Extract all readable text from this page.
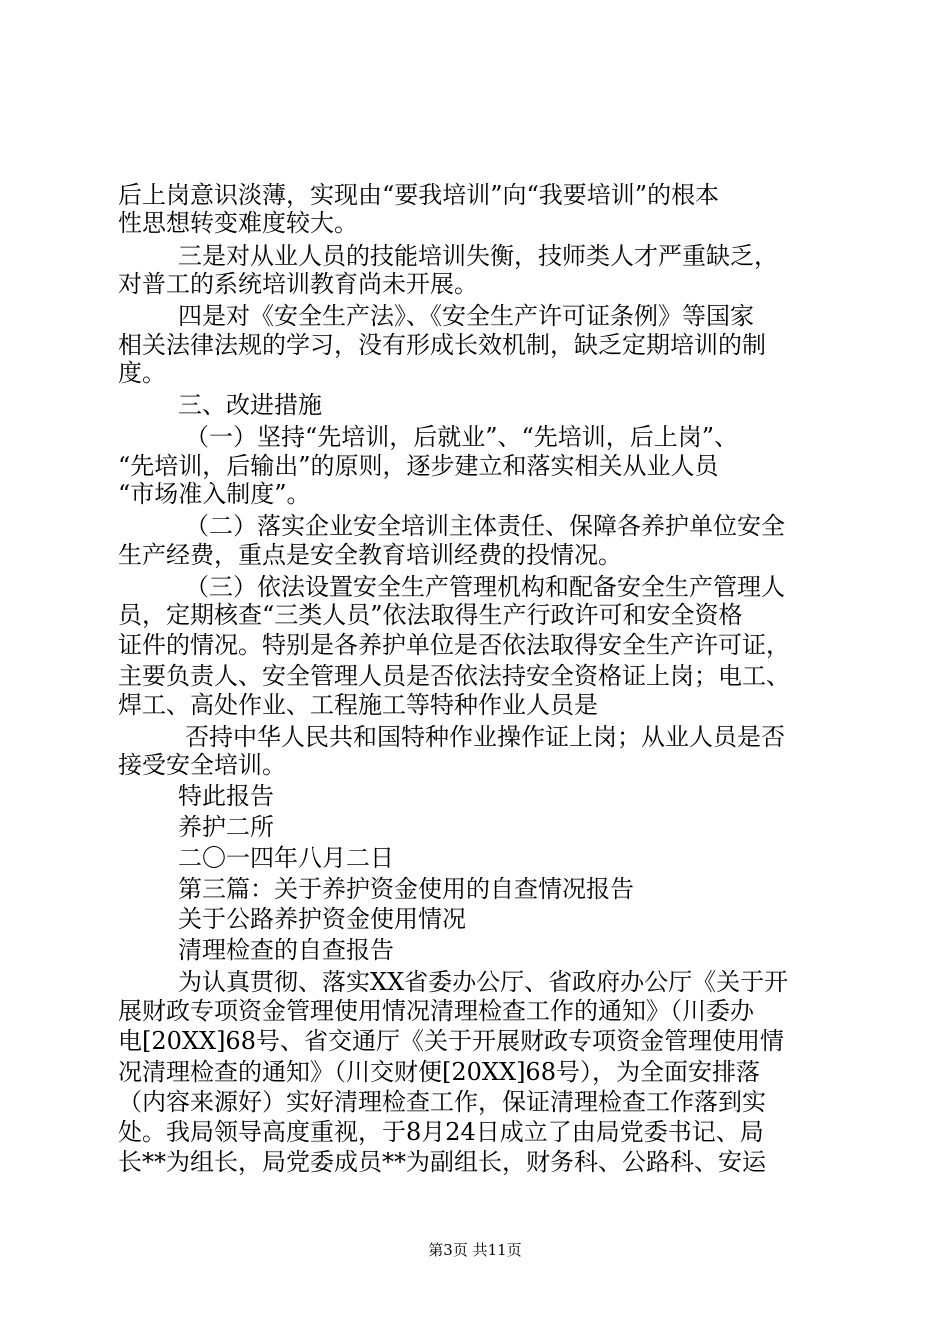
后上岗意识淡薄，实现由“要我培训”向“我要培训”的根本
性思想转变难度较大。
三是对从业人员的技能培训失衡，技师类人才严重缺乏，
对普工的系统培训教育尚未开展。
四是对《安全生产法》、《安全生产许可证条例》等国家
相关法律法规的学习，没有形成长效机制，缺乏定期培训的制
度。
三、改进措施
（一）坚持“先培训，后就业”、“先培训，后上岗”、
“先培训，后输出”的原则，逐步建立和落实相关从业人员
“市场准入制度”。
（二）落实企业安全培训主体责任、保障各养护单位安全
生产经费，重点是安全教育培训经费的投情况。
（三）依法设置安全生产管理机构和配备安全生产管理人
员，定期核查“三类人员”依法取得生产行政许可和安全资格
证件的情况。特别是各养护单位是否依法取得安全生产许可证，
主要负责人、安全管理人员是否依法持安全资格证上岗；电工、
焊工、高处作业、工程施工等特种作业人员是
否持中华人民共和国特种作业操作证上岗；从业人员是否
接受安全培训。
特此报告
养护二所
二〇一四年八月二日
第三篇：关于养护资金使用的自查情况报告
关于公路养护资金使用情况
清理检查的自查报告
为认真贯彻、落实XX省委办公厅、省政府办公厅《关于开
展财政专项资金管理使用情况清理检查工作的通知》（川委办
电[20XX]68号、省交通厅《关于开展财政专项资金管理使用情
况清理检查的通知》（川交财便[20XX]68号），为全面安排落
（内容来源好）实好清理检查工作，保证清理检查工作落到实
处。我局领导高度重视，于8月24日成立了由局党委书记、局
长**为组长，局党委成员**为副组长，财务科、公路科、安运
第3页 共11页
